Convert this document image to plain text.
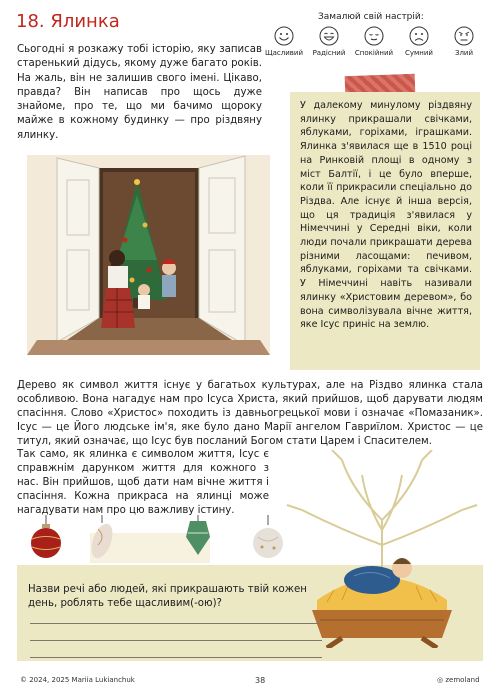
18. Ялинка	Замалюй свій настрій:
Щасливий Радісний Спокійний Сумний	Злий
Сьогодні я розкажу тобі історію, яку записав старенький дідусь, якому дуже багато років. На жаль, він не залишив свого імені. Цікаво, правда? Він написав про щось дуже знайоме, про те, що ми бачимо щороку майже в кожному будинку — про різдвяну ялинку.
У далекому минулому різдвяну ялинку прикрашали свічками, яблуками, горіхами, іграшками. Ялинка з'явилася ще в 1510 році на Ринковій площі в одному з міст Балтії, і це було вперше, коли її прикрасили спеціально до Різдва. Але існує й інша версія, що ця традиція з'явилася у Німеччині у Середні віки, коли люди почали прикрашати дерева різними ласощами: печивом, яблуками, горіхами та свічками. У Німеччині навіть називали ялинку «Христовим деревом», бо вона символізувала вічне життя, яке Ісус приніс на землю.
Дерево як символ життя існує у багатьох культурах, але на Різдво ялинка стала особливою. Вона нагадує нам про Ісуса Христа, який прийшов, щоб дарувати людям спасіння. Слово «Христос» походить із давньогрецької мови і означає «Помазаник». Ісус — це Його людське ім'я, яке було дано Марії ангелом Гавриїлом. Христос — це титул, який означає, що Ісус був посланий Богом стати Царем і Спасителем.
Так само, як ялинка є символом життя, Ісус є справжнім дарунком життя для кожного з нас. Він прийшов, щоб дати нам вічне життя і спасіння. Кожна прикраса на ялинці може нагадувати нам про цю важливу істину.
Назви речі або людей, які прикрашають твій кожен день, роблять тебе щасливим(-ою)?
© 2024, 2025 Mariia Lukianchuk	38	◎ zemoland
